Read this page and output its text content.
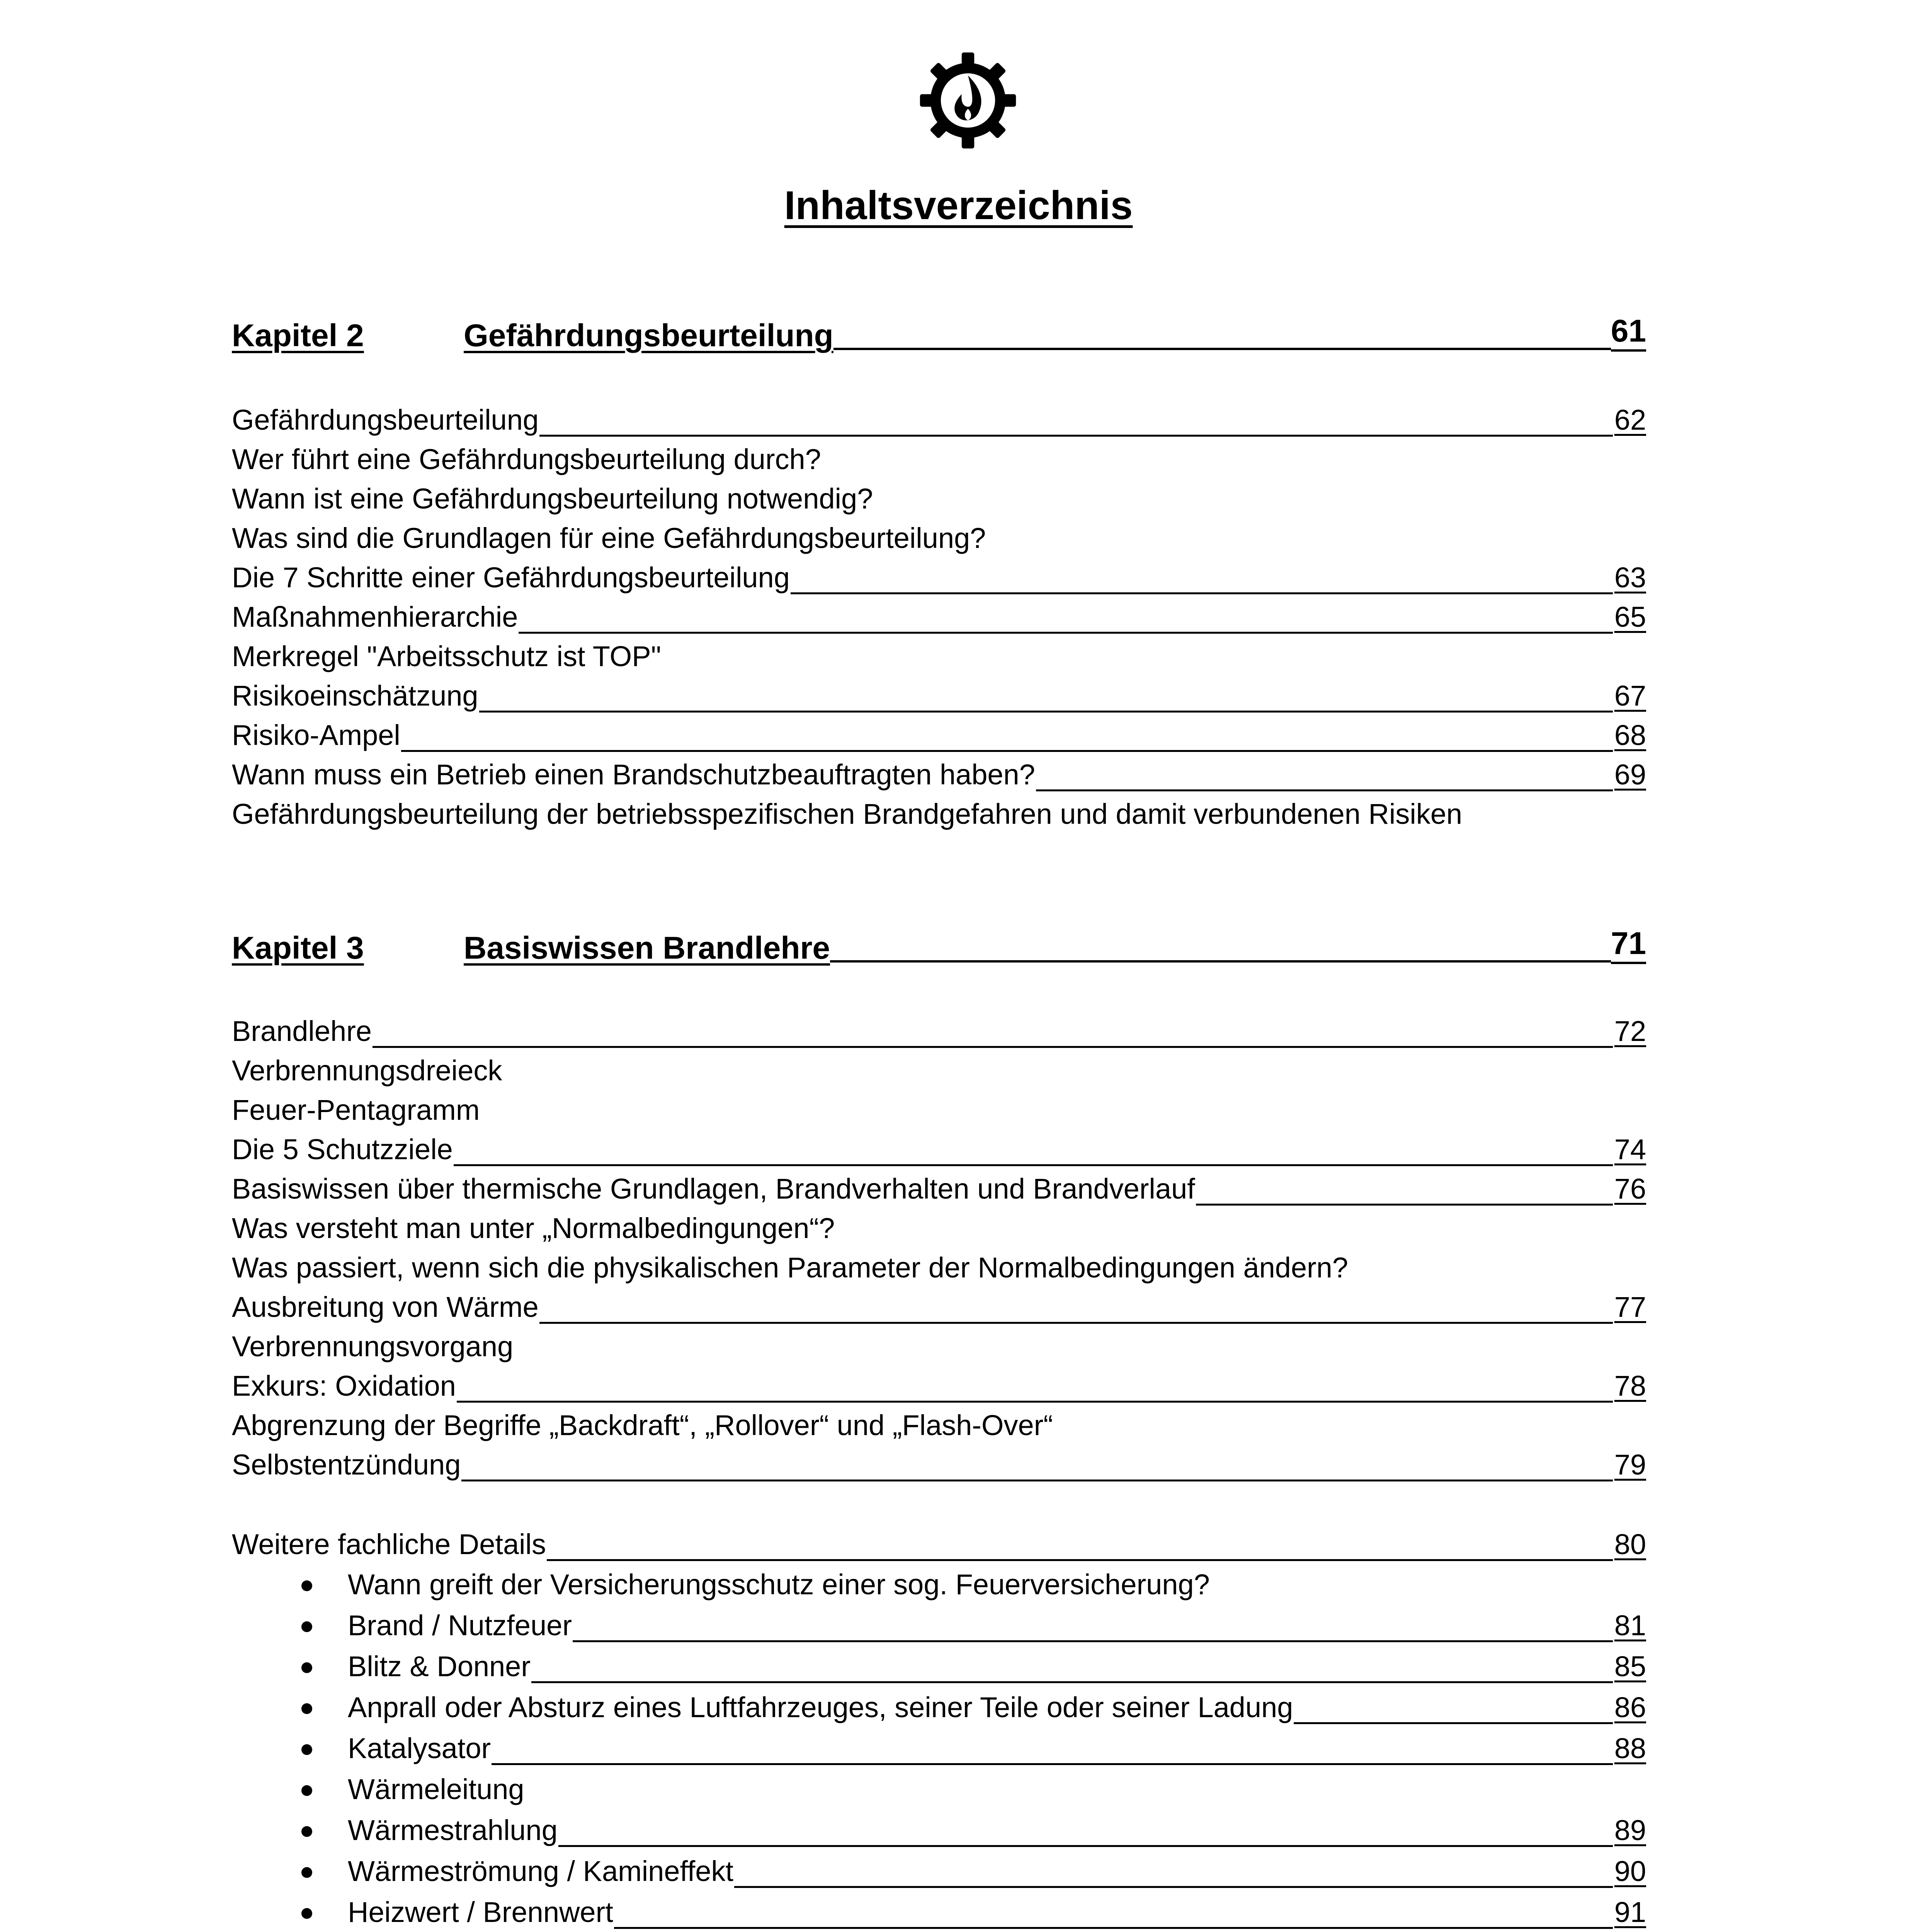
Inhaltsverzeichnis
Kapitel 2	Gefährdungsbeurteilung	61
Gefährdungsbeurteilung	62
Wer führt eine Gefährdungsbeurteilung durch?
Wann ist eine Gefährdungsbeurteilung notwendig?
Was sind die Grundlagen für eine Gefährdungsbeurteilung?
Die 7 Schritte einer Gefährdungsbeurteilung	63
Maßnahmenhierarchie	65
Merkregel "Arbeitsschutz ist TOP"
Risikoeinschätzung	67
Risiko-Ampel	68
Wann muss ein Betrieb einen Brandschutzbeauftragten haben?	69
Gefährdungsbeurteilung der betriebsspezifischen Brandgefahren und damit verbundenen Risiken
Kapitel 3	Basiswissen Brandlehre	71
Brandlehre	72
Verbrennungsdreieck
Feuer-Pentagramm
Die 5 Schutzziele	74
Basiswissen über thermische Grundlagen, Brandverhalten und Brandverlauf	76
Was versteht man unter „Normalbedingungen“?
Was passiert, wenn sich die physikalischen Parameter der Normalbedingungen ändern?
Ausbreitung von Wärme	77
Verbrennungsvorgang
Exkurs: Oxidation	78
Abgrenzung der Begriffe „Backdraft“, „Rollover“ und „Flash-Over“
Selbstentzündung	79
Weitere fachliche Details	80
Wann greift der Versicherungsschutz einer sog. Feuerversicherung?
Brand / Nutzfeuer	81
Blitz & Donner	85
Anprall oder Absturz eines Luftfahrzeuges, seiner Teile oder seiner Ladung	86
Katalysator	88
Wärmeleitung
Wärmestrahlung	89
Wärmeströmung / Kamineffekt	90
Heizwert / Brennwert	91
